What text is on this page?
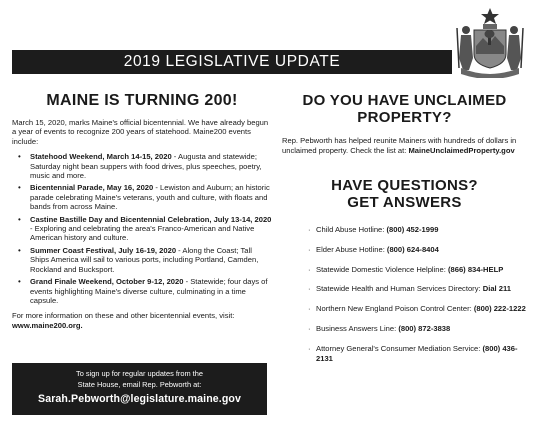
2019 LEGISLATIVE UPDATE
MAINE IS TURNING 200!

March 15, 2020, marks Maine's official bicentennial. We have already begun a year of events to recognize 200 years of statehood. Maine200 events include:

• Statehood Weekend, March 14-15, 2020 - Augusta and statewide; Saturday night bean suppers with food drives, plus speeches, poetry, music and more.
• Bicentennial Parade, May 16, 2020 - Lewiston and Auburn; an historic parade celebrating Maine's veterans, youth and culture, with floats and bands from across Maine.
• Castine Bastille Day and Bicentennial Celebration, July 13-14, 2020 - Exploring and celebrating the area's Franco-American and Native American history and culture.
• Summer Coast Festival, July 16-19, 2020 - Along the Coast; Tall Ships America will sail to various ports, including Portland, Camden, Rockland and Bucksport.
• Grand Finale Weekend, October 9-12, 2020 - Statewide; four days of events highlighting Maine's diverse culture, culminating in a time capsule.

For more information on these and other bicentennial events, visit: www.maine200.org.

To sign up for regular updates from the
State House, email Rep. Pebworth at:
Sarah.Pebworth@legislature.maine.gov
DO YOU HAVE UNCLAIMED
PROPERTY?

Rep. Pebworth has helped reunite Mainers with hundreds of dollars in unclaimed property. Check the list at: MaineUnclaimedProperty.gov

HAVE QUESTIONS?
GET ANSWERS
· Child Abuse Hotline: (800) 452-1999
· Elder Abuse Hotline: (800) 624-8404
· Statewide Domestic Violence Helpline: (866) 834-HELP
· Statewide Health and Human Services Directory: Dial 211
· Northern New England Poison Control Center: (800) 222-1222
· Business Answers Line: (800) 872-3838
· Attorney General's Consumer Mediation Service: (800) 436-2131
